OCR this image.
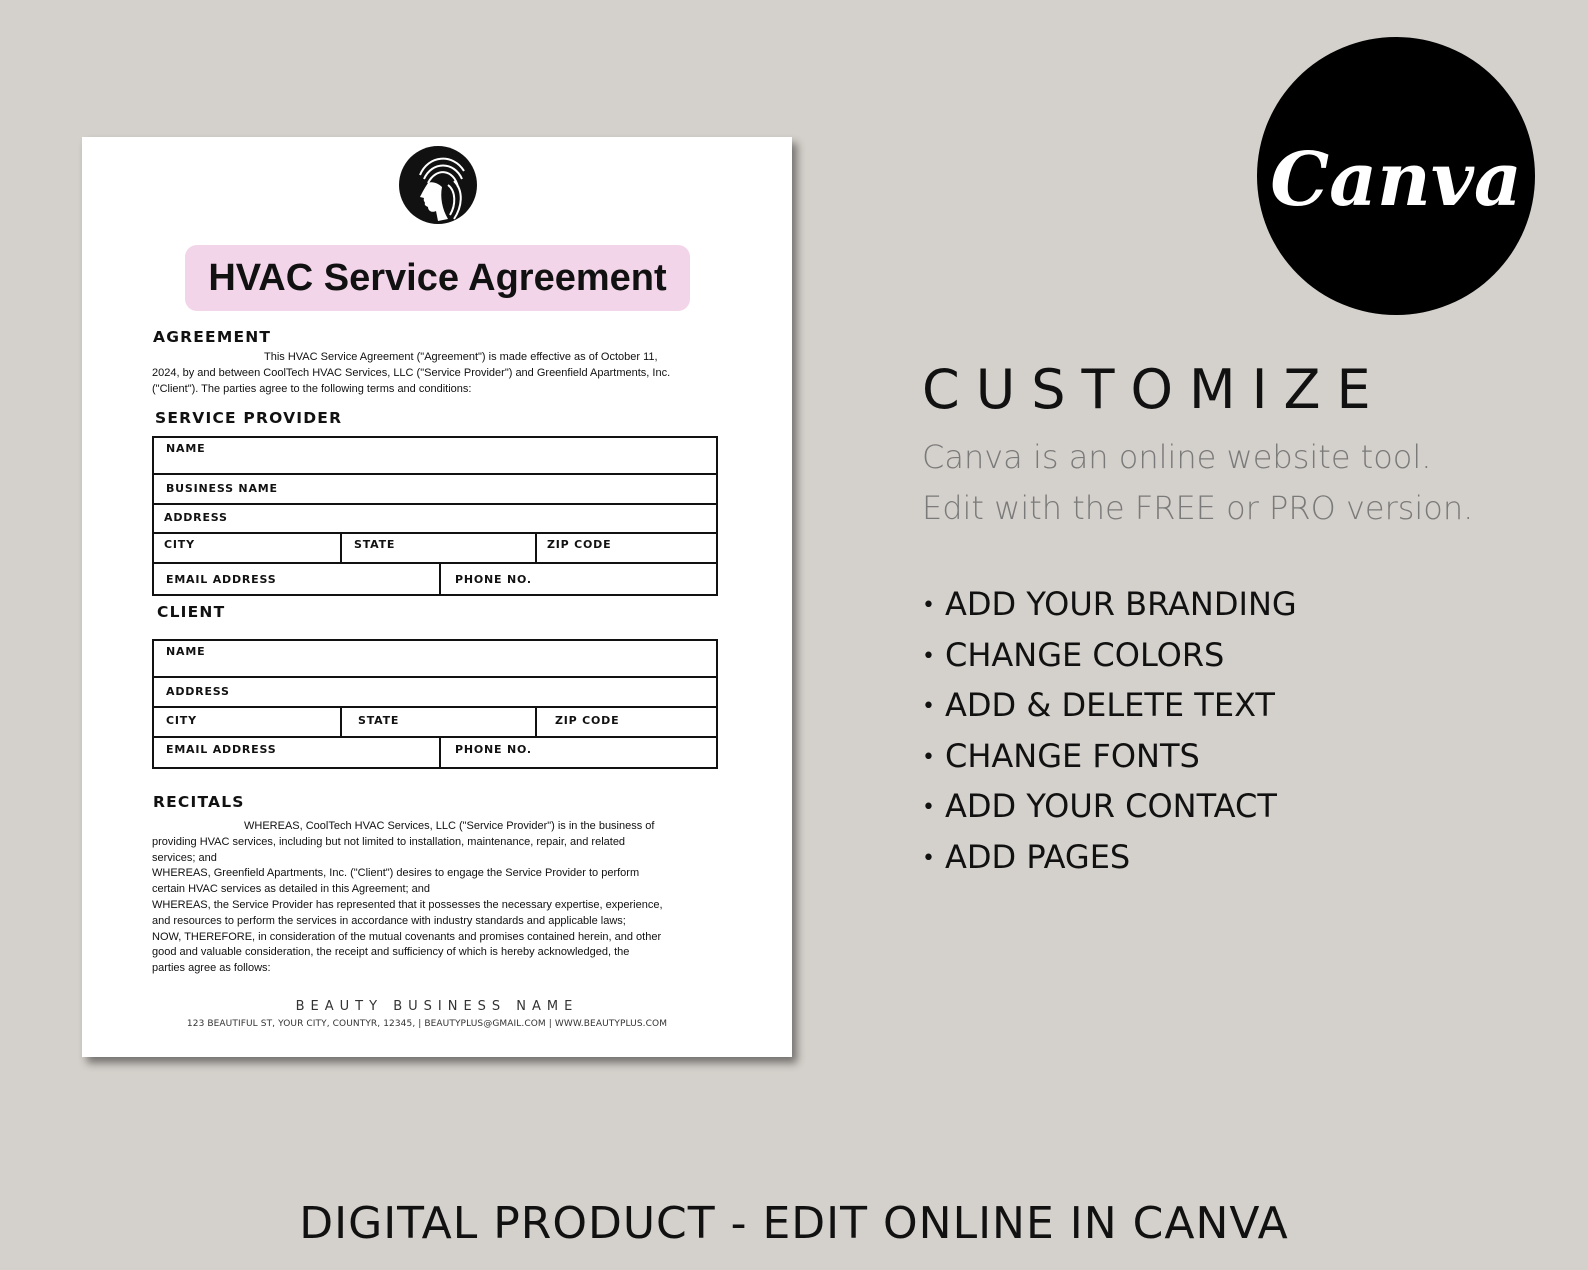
HVAC Service Agreement
AGREEMENT

This HVAC Service Agreement ("Agreement") is made effective as of October 11,

2024, by and between CoolTech HVAC Services, LLC ("Service Provider") and Greenfield Apartments, Inc.

("Client"). The parties agree to the following terms and conditions:

SERVICE PROVIDER
NAME
BUSINESS NAME
ADDRESS
CITY	STATE	ZIP CODE
EMAIL ADDRESS	PHONE NO.
CLIENT
NAME
ADDRESS
CITY	STATE	ZIP CODE
EMAIL ADDRESS	PHONE NO.
RECITALS

WHEREAS, CoolTech HVAC Services, LLC ("Service Provider") is in the business of

providing HVAC services, including but not limited to installation, maintenance, repair, and related

services; and

WHEREAS, Greenfield Apartments, Inc. ("Client") desires to engage the Service Provider to perform

certain HVAC services as detailed in this Agreement; and

WHEREAS, the Service Provider has represented that it possesses the necessary expertise, experience,

and resources to perform the services in accordance with industry standards and applicable laws;

NOW, THEREFORE, in consideration of the mutual covenants and promises contained herein, and other

good and valuable consideration, the receipt and sufficiency of which is hereby acknowledged, the

parties agree as follows:

BEAUTY BUSINESS NAME
123 BEAUTIFUL ST, YOUR CITY, COUNTYR, 12345, | BEAUTYPLUS@GMAIL.COM | WWW.BEAUTYPLUS.COM
Canva
CUSTOMIZE
Canva is an online website tool.
Edit with the FREE or PRO version.
• ADD YOUR BRANDING
• CHANGE COLORS
• ADD & DELETE TEXT
• CHANGE FONTS
• ADD YOUR CONTACT
• ADD PAGES
DIGITAL PRODUCT - EDIT ONLINE IN CANVA
